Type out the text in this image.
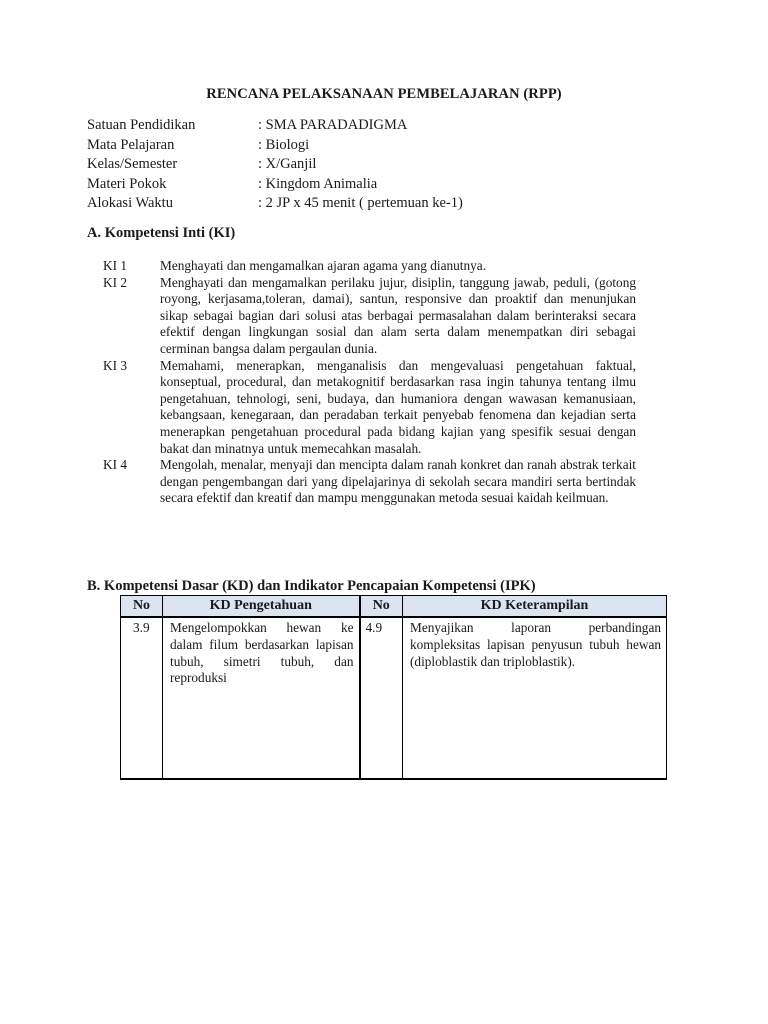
RENCANA PELAKSANAAN PEMBELAJARAN (RPP)
Satuan Pendidikan	: SMA PARADADIGMA
Mata Pelajaran	: Biologi
Kelas/Semester	: X/Ganjil
Materi Pokok	: Kingdom Animalia
Alokasi Waktu	: 2 JP x 45 menit ( pertemuan ke-1)
A. Kompetensi Inti (KI)
KI 1	Menghayati dan mengamalkan ajaran agama yang dianutnya.
KI 2	Menghayati dan mengamalkan perilaku jujur, disiplin, tanggung jawab, peduli, (gotong royong, kerjasama,toleran, damai), santun, responsive dan proaktif dan menunjukan sikap sebagai bagian dari solusi atas berbagai permasalahan dalam berinteraksi secara efektif dengan lingkungan sosial dan alam serta dalam menempatkan diri sebagai cerminan bangsa dalam pergaulan dunia.
KI 3	Memahami, menerapkan, menganalisis dan mengevaluasi pengetahuan faktual, konseptual, procedural, dan metakognitif berdasarkan rasa ingin tahunya tentang ilmu pengetahuan, tehnologi, seni, budaya, dan humaniora dengan wawasan kemanusiaan, kebangsaan, kenegaraan, dan peradaban terkait penyebab fenomena dan kejadian serta menerapkan pengetahuan procedural pada bidang kajian yang spesifik sesuai dengan bakat dan minatnya untuk memecahkan masalah.
KI 4	Mengolah, menalar, menyaji dan mencipta dalam ranah konkret dan ranah abstrak terkait dengan pengembangan dari yang dipelajarinya di sekolah secara mandiri serta bertindak secara efektif dan kreatif dan mampu menggunakan metoda sesuai kaidah keilmuan.
B. Kompetensi Dasar (KD) dan Indikator Pencapaian Kompetensi (IPK)
No	KD Pengetahuan	No	KD Keterampilan
3.9	Mengelompokkan hewan ke dalam filum berdasarkan lapisan tubuh, simetri tubuh, dan reproduksi	4.9	Menyajikan laporan perbandingan kompleksitas lapisan penyusun tubuh hewan (diploblastik dan triploblastik).
